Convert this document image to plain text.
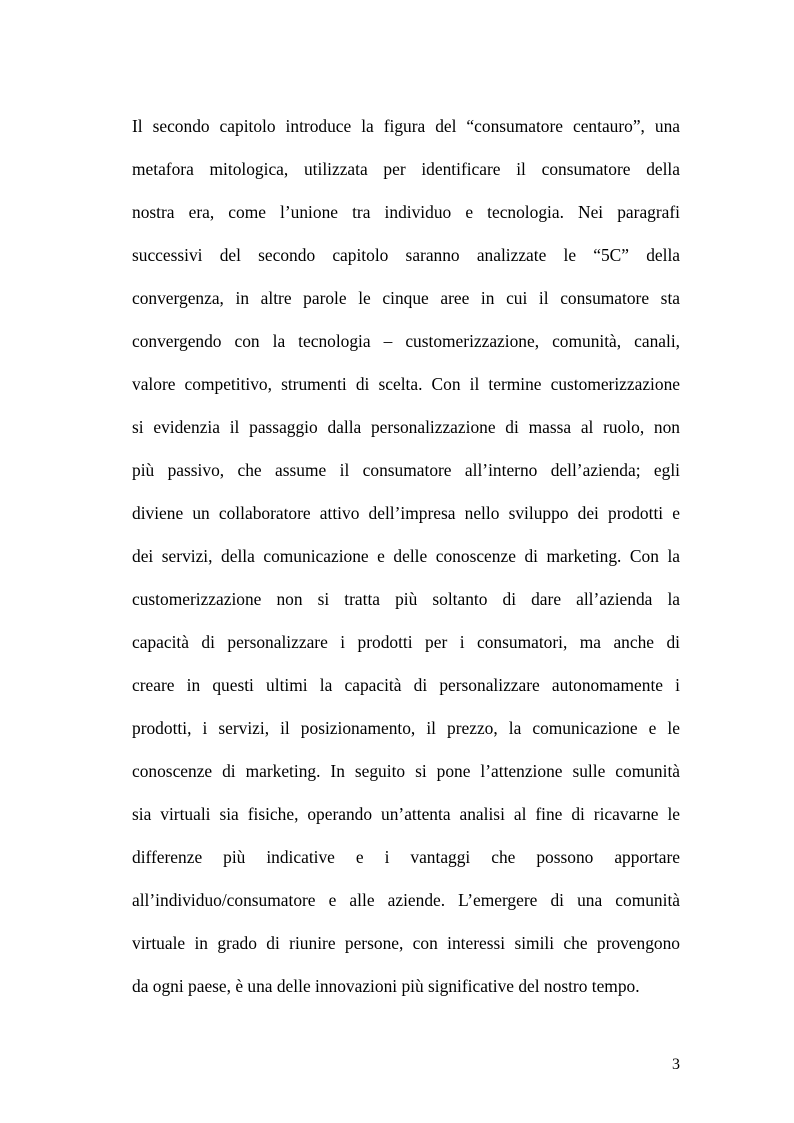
Il secondo capitolo introduce la figura del “consumatore centauro”, una
metafora mitologica, utilizzata per identificare il consumatore della
nostra era, come l’unione tra individuo e tecnologia. Nei paragrafi
successivi del secondo capitolo saranno analizzate le “5C” della
convergenza, in altre parole le cinque aree in cui il consumatore sta
convergendo con la tecnologia – customerizzazione, comunità, canali,
valore competitivo, strumenti di scelta. Con il termine customerizzazione
si evidenzia il passaggio dalla personalizzazione di massa al ruolo, non
più passivo, che assume il consumatore all’interno dell’azienda; egli
diviene un collaboratore attivo dell’impresa nello sviluppo dei prodotti e
dei servizi, della comunicazione e delle conoscenze di marketing. Con la
customerizzazione non si tratta più soltanto di dare all’azienda la
capacità di personalizzare i prodotti per i consumatori, ma anche di
creare in questi ultimi la capacità di personalizzare autonomamente i
prodotti, i servizi, il posizionamento, il prezzo, la comunicazione e le
conoscenze di marketing. In seguito si pone l’attenzione sulle comunità
sia virtuali sia fisiche, operando un’attenta analisi al fine di ricavarne le
differenze più indicative e i vantaggi che possono apportare
all’individuo/consumatore e alle aziende. L’emergere di una comunità
virtuale in grado di riunire persone, con interessi simili che provengono
da ogni paese, è una delle innovazioni più significative del nostro tempo.
3
